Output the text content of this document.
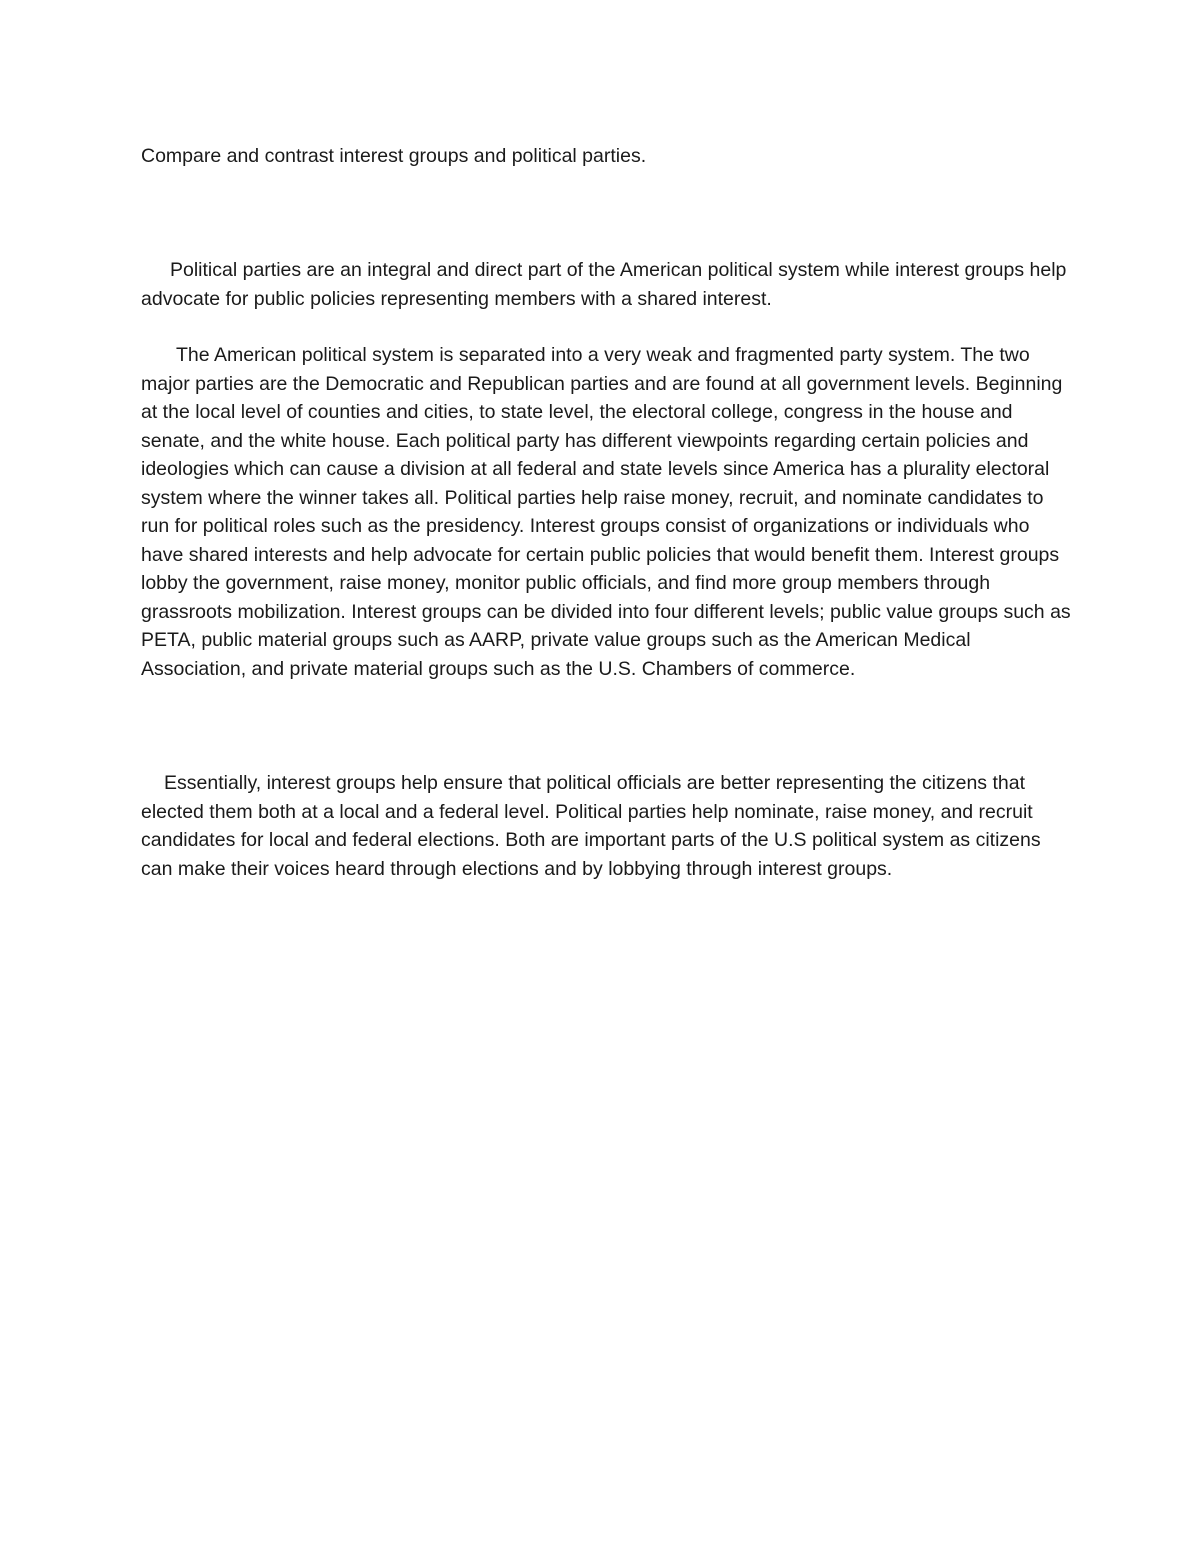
Compare and contrast interest groups and political parties.

Political parties are an integral and direct part of the American political system while interest groups help advocate for public policies representing members with a shared interest.

The American political system is separated into a very weak and fragmented party system. The two major parties are the Democratic and Republican parties and are found at all government levels. Beginning at the local level of counties and cities, to state level, the electoral college, congress in the house and senate, and the white house. Each political party has different viewpoints regarding certain policies and ideologies which can cause a division at all federal and state levels since America has a plurality electoral system where the winner takes all. Political parties help raise money, recruit, and nominate candidates to run for political roles such as the presidency. Interest groups consist of organizations or individuals who have shared interests and help advocate for certain public policies that would benefit them. Interest groups lobby the government, raise money, monitor public officials, and find more group members through grassroots mobilization. Interest groups can be divided into four different levels; public value groups such as PETA, public material groups such as AARP, private value groups such as the American Medical Association, and private material groups such as the U.S. Chambers of commerce.

Essentially, interest groups help ensure that political officials are better representing the citizens that elected them both at a local and a federal level. Political parties help nominate, raise money, and recruit candidates for local and federal elections. Both are important parts of the U.S political system as citizens can make their voices heard through elections and by lobbying through interest groups.
